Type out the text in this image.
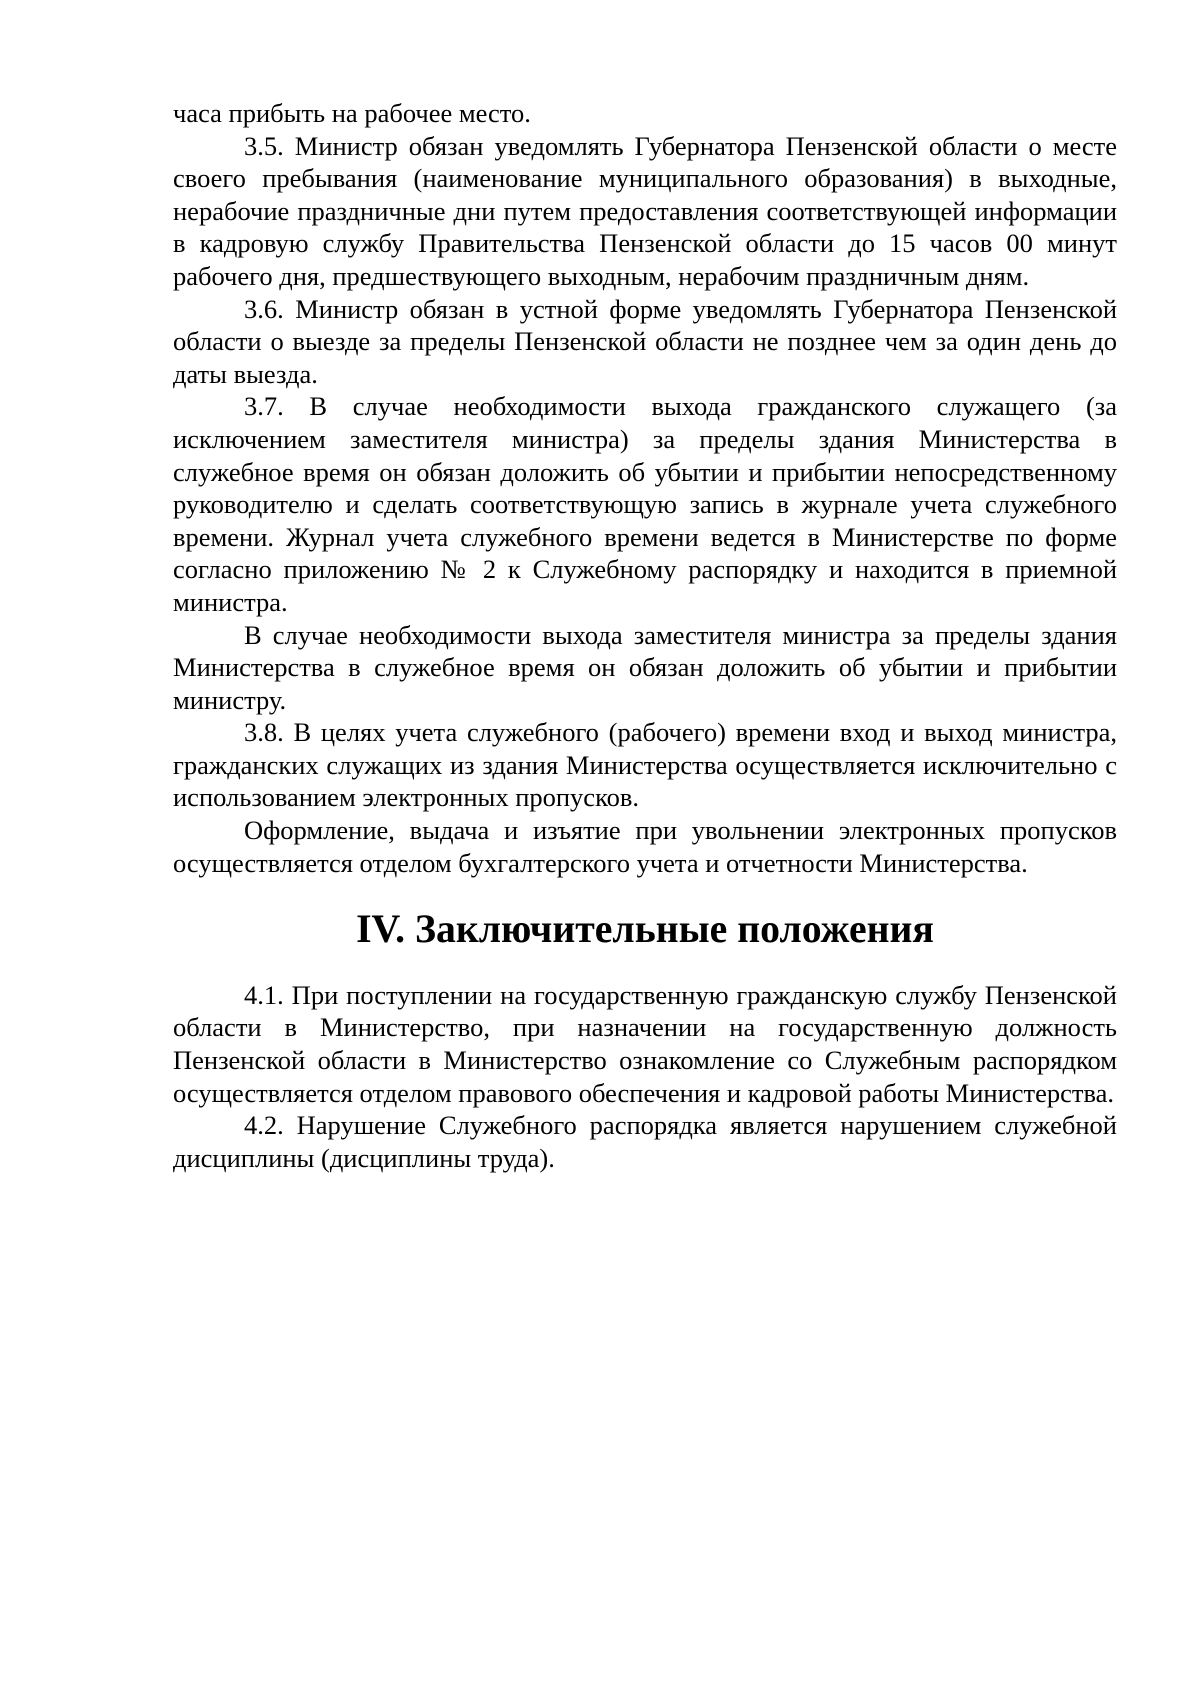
часа прибыть на рабочее место.

3.5. Министр обязан уведомлять Губернатора Пензенской области о месте своего пребывания (наименование муниципального образования) в выходные, нерабочие праздничные дни путем предоставления соответствующей информации в кадровую службу Правительства Пензенской области до 15 часов 00 минут рабочего дня, предшествующего выходным, нерабочим праздничным дням.

3.6. Министр обязан в устной форме уведомлять Губернатора Пензенской области о выезде за пределы Пензенской области не позднее чем за один день до даты выезда.

3.7. В случае необходимости выхода гражданского служащего (за исключением заместителя министра) за пределы здания Министерства в служебное время он обязан доложить об убытии и прибытии непосредственному руководителю и сделать соответствующую запись в журнале учета служебного времени. Журнал учета служебного времени ведется в Министерстве по форме согласно приложению № 2 к Служебному распорядку и находится в приемной министра.

В случае необходимости выхода заместителя министра за пределы здания Министерства в служебное время он обязан доложить об убытии и прибытии министру.

3.8. В целях учета служебного (рабочего) времени вход и выход министра, гражданских служащих из здания Министерства осуществляется исключительно с использованием электронных пропусков.

Оформление, выдача и изъятие при увольнении электронных пропусков осуществляется отделом бухгалтерского учета и отчетности Министерства.

IV. Заключительные положения

4.1. При поступлении на государственную гражданскую службу Пензенской области в Министерство, при назначении на государственную должность Пензенской области в Министерство ознакомление со Служебным распорядком осуществляется отделом правового обеспечения и кадровой работы Министерства.

4.2. Нарушение Служебного распорядка является нарушением служебной дисциплины (дисциплины труда).
